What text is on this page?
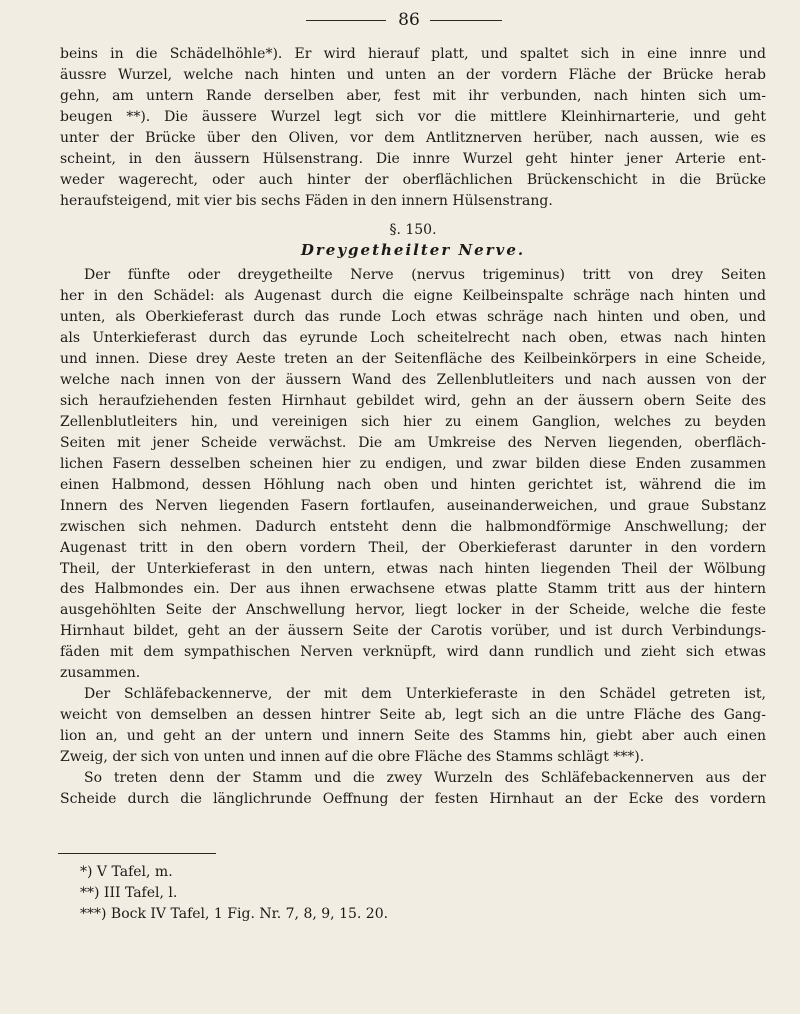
86
beins in die Schädelhöhle*). Er wird hierauf platt, und spaltet sich in eine innre und
äussre Wurzel, welche nach hinten und unten an der vordern Fläche der Brücke herab
gehn, am untern Rande derselben aber, fest mit ihr verbunden, nach hinten sich um-
beugen **). Die äussere Wurzel legt sich vor die mittlere Kleinhirnarterie, und geht
unter der Brücke über den Oliven, vor dem Antlitznerven herüber, nach aussen, wie es
scheint, in den äussern Hülsenstrang. Die innre Wurzel geht hinter jener Arterie ent-
weder wagerecht, oder auch hinter der oberflächlichen Brückenschicht in die Brücke
heraufsteigend, mit vier bis sechs Fäden in den innern Hülsenstrang.
§. 150.
Dreygetheilter Nerve.
Der fünfte oder dreygetheilte Nerve (nervus trigeminus) tritt von drey Seiten
her in den Schädel: als Augenast durch die eigne Keilbeinspalte schräge nach hinten und
unten, als Oberkieferast durch das runde Loch etwas schräge nach hinten und oben, und
als Unterkieferast durch das eyrunde Loch scheitelrecht nach oben, etwas nach hinten
und innen. Diese drey Aeste treten an der Seitenfläche des Keilbeinkörpers in eine Scheide,
welche nach innen von der äussern Wand des Zellenblutleiters und nach aussen von der
sich heraufziehenden festen Hirnhaut gebildet wird, gehn an der äussern obern Seite des
Zellenblutleiters hin, und vereinigen sich hier zu einem Ganglion, welches zu beyden
Seiten mit jener Scheide verwächst. Die am Umkreise des Nerven liegenden, oberfläch-
lichen Fasern desselben scheinen hier zu endigen, und zwar bilden diese Enden zusammen
einen Halbmond, dessen Höhlung nach oben und hinten gerichtet ist, während die im
Innern des Nerven liegenden Fasern fortlaufen, auseinanderweichen, und graue Substanz
zwischen sich nehmen. Dadurch entsteht denn die halbmondförmige Anschwellung; der
Augenast tritt in den obern vordern Theil, der Oberkieferast darunter in den vordern
Theil, der Unterkieferast in den untern, etwas nach hinten liegenden Theil der Wölbung
des Halbmondes ein. Der aus ihnen erwachsene etwas platte Stamm tritt aus der hintern
ausgehöhlten Seite der Anschwellung hervor, liegt locker in der Scheide, welche die feste
Hirnhaut bildet, geht an der äussern Seite der Carotis vorüber, und ist durch Verbindungs-
fäden mit dem sympathischen Nerven verknüpft, wird dann rundlich und zieht sich etwas
zusammen.
Der Schläfebackennerve, der mit dem Unterkieferaste in den Schädel getreten ist,
weicht von demselben an dessen hintrer Seite ab, legt sich an die untre Fläche des Gang-
lion an, und geht an der untern und innern Seite des Stamms hin, giebt aber auch einen
Zweig, der sich von unten und innen auf die obre Fläche des Stamms schlägt ***).
So treten denn der Stamm und die zwey Wurzeln des Schläfebackennerven aus der
Scheide durch die länglichrunde Oeffnung der festen Hirnhaut an der Ecke des vordern
*) V Tafel, m.
**) III Tafel, l.
***) Bock IV Tafel, 1 Fig. Nr. 7, 8, 9, 15. 20.
